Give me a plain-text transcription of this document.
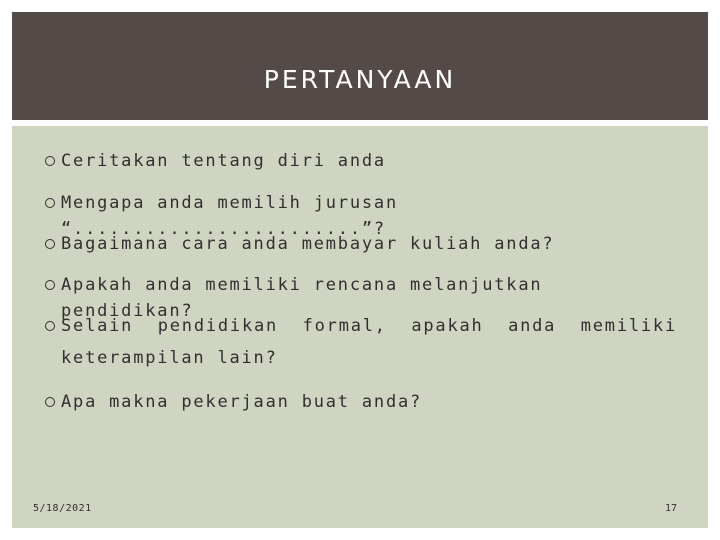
PERTANYAAN
Ceritakan tentang diri anda
Mengapa anda memilih jurusan “........................”?
Bagaimana cara anda membayar kuliah anda?
Apakah anda memiliki rencana melanjutkan pendidikan?
Selain pendidikan formal, apakah anda memiliki
keterampilan lain?
Apa makna pekerjaan buat anda?
5/18/2021	17
